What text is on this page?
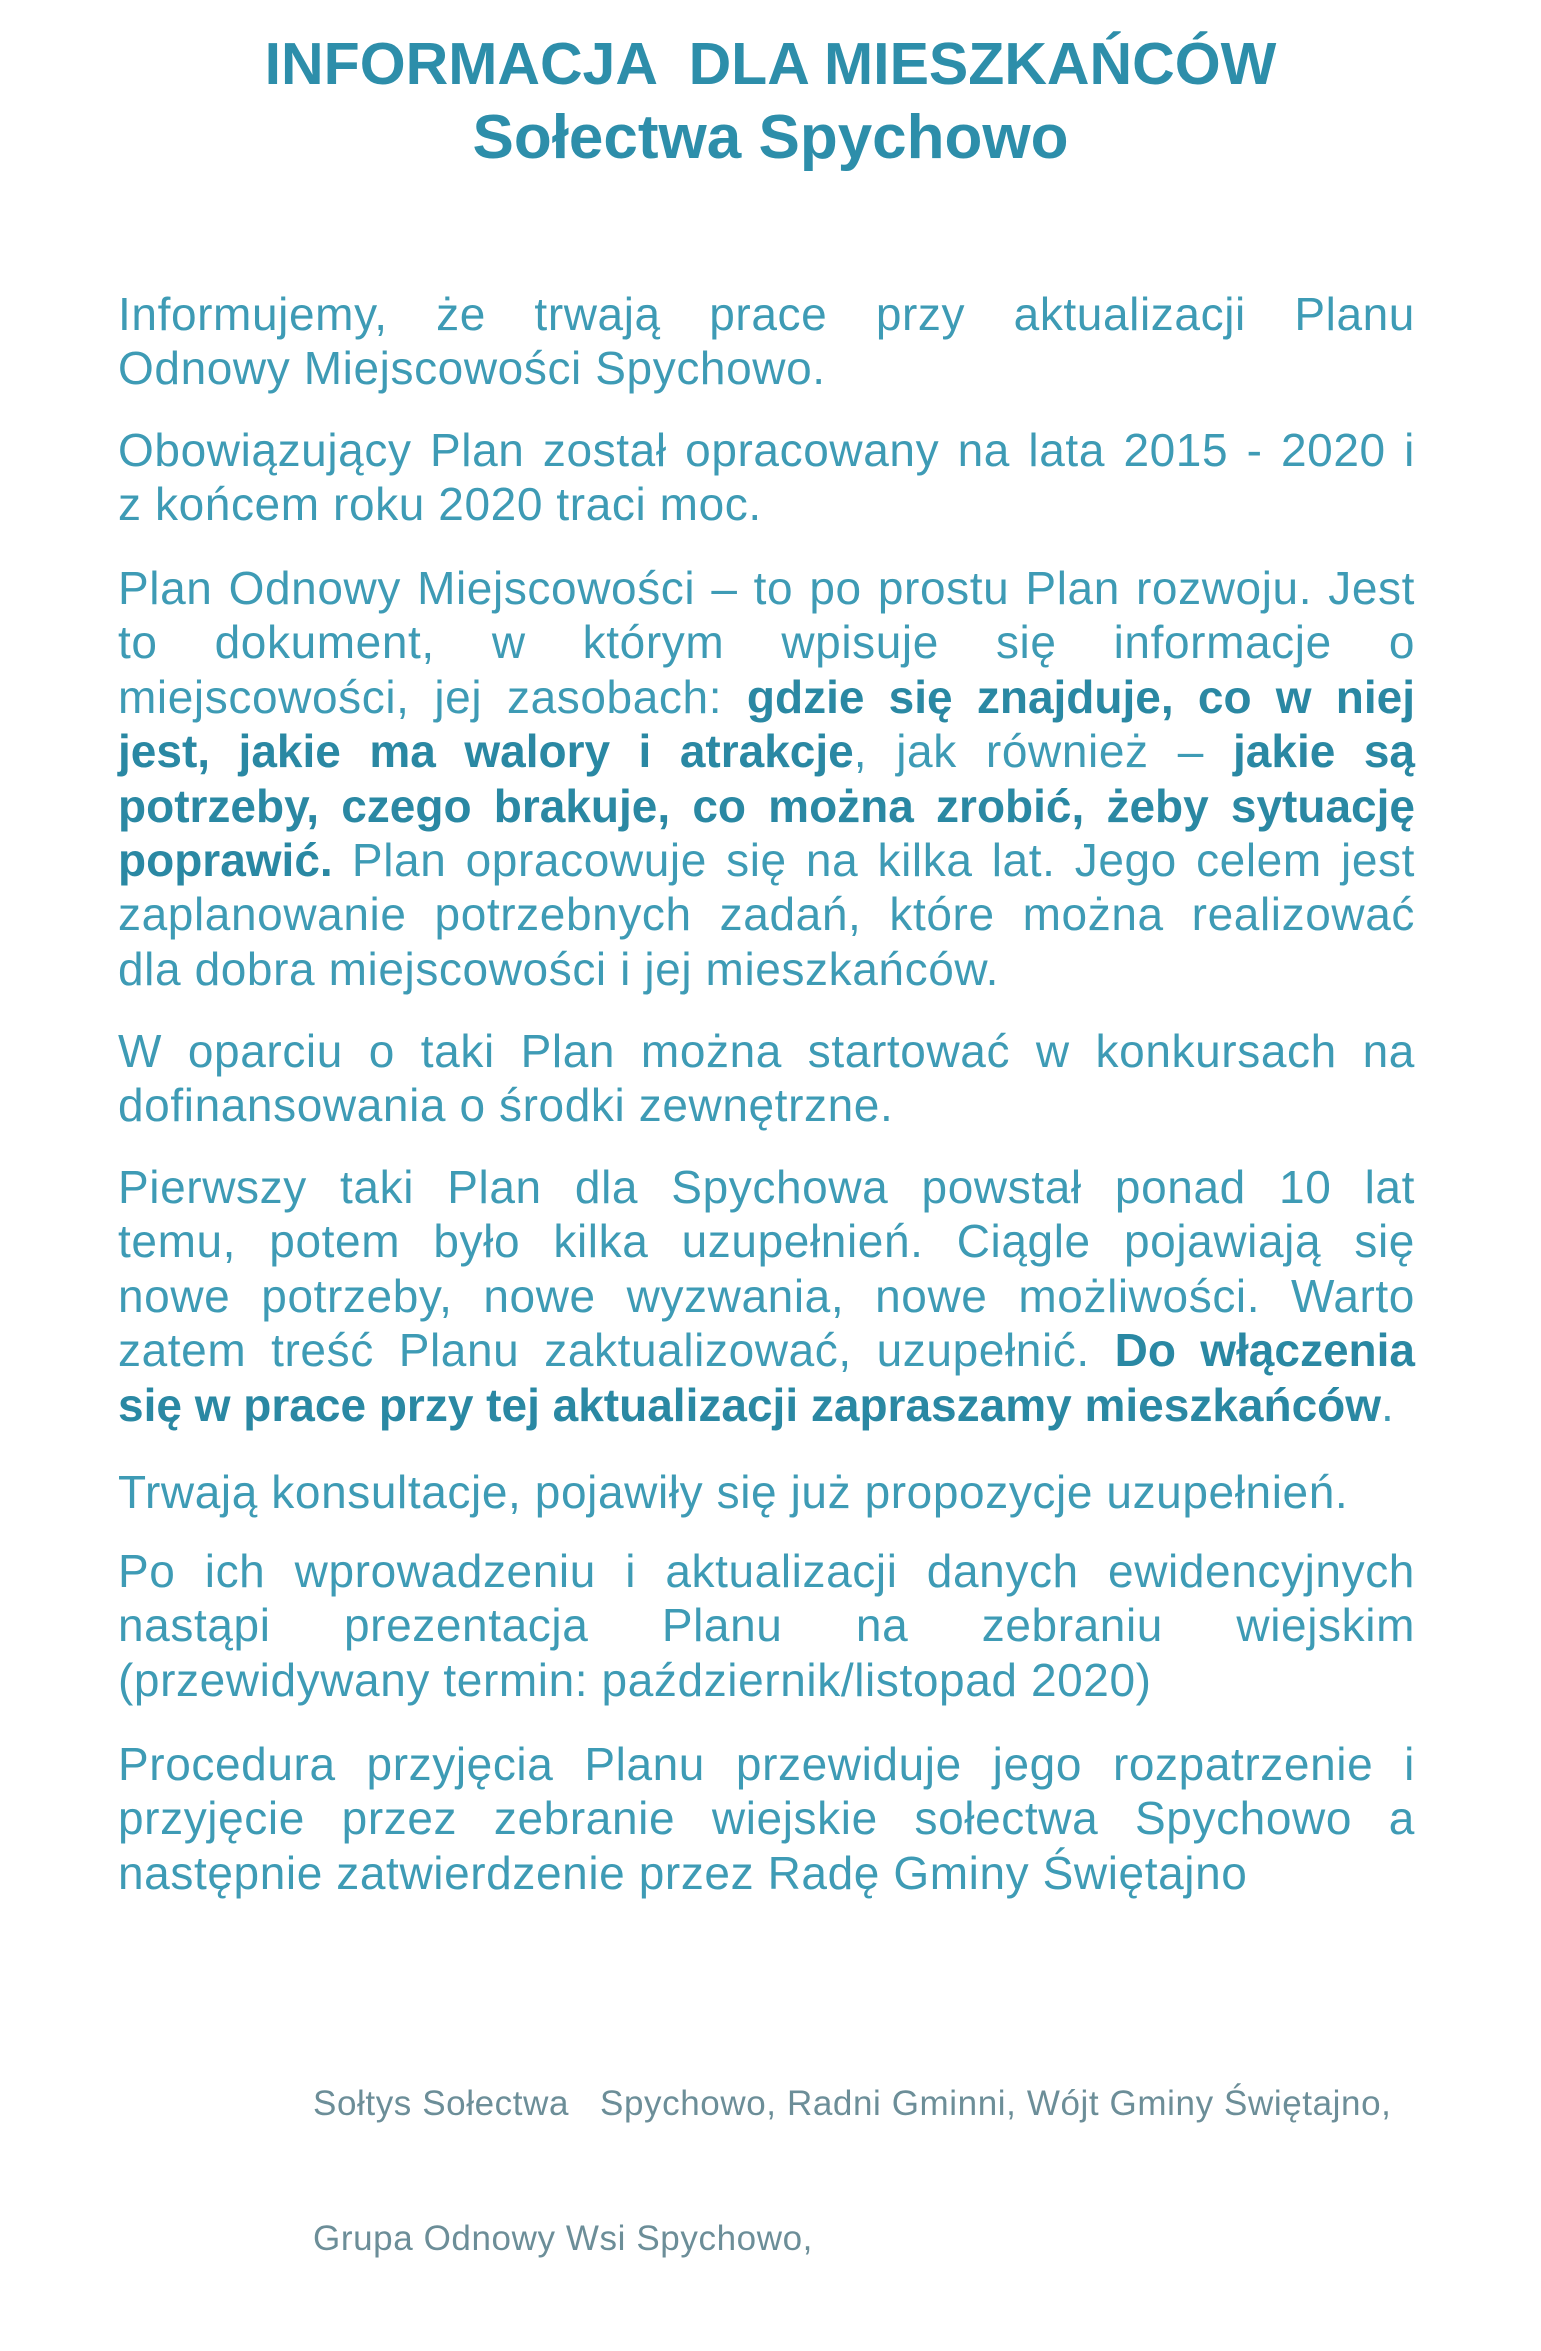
INFORMACJA  DLA MIESZKAŃCÓW
Sołectwa Spychowo
Informujemy, że trwają prace przy aktualizacji Planu
Odnowy Miejscowości Spychowo.
Obowiązujący Plan został opracowany na lata 2015 - 2020 i
z końcem roku 2020 traci moc.
Plan Odnowy Miejscowości – to po prostu Plan rozwoju. Jest
to dokument, w którym wpisuje się informacje o
miejscowości, jej zasobach: gdzie się znajduje, co w niej
jest, jakie ma walory i atrakcje, jak również – jakie są
potrzeby, czego brakuje, co można zrobić, żeby sytuację
poprawić. Plan opracowuje się na kilka lat. Jego celem jest
zaplanowanie potrzebnych zadań, które można realizować
dla dobra miejscowości i jej mieszkańców.
W oparciu o taki Plan można startować w konkursach na
dofinansowania o środki zewnętrzne.
Pierwszy taki Plan dla Spychowa powstał ponad 10 lat
temu, potem było kilka uzupełnień. Ciągle pojawiają się
nowe potrzeby, nowe wyzwania, nowe możliwości. Warto
zatem treść Planu zaktualizować, uzupełnić. Do włączenia
się w prace przy tej aktualizacji zapraszamy mieszkańców.
Trwają konsultacje, pojawiły się już propozycje uzupełnień.
Po ich wprowadzeniu i aktualizacji danych ewidencyjnych
nastąpi prezentacja Planu na zebraniu wiejskim
(przewidywany termin: październik/listopad 2020)
Procedura przyjęcia Planu przewiduje jego rozpatrzenie i
przyjęcie przez zebranie wiejskie sołectwa Spychowo a
następnie zatwierdzenie przez Radę Gminy Świętajno

Sołtys Sołectwa   Spychowo, Radni Gminni, Wójt Gminy Świętajno,

Grupa Odnowy Wsi Spychowo,
